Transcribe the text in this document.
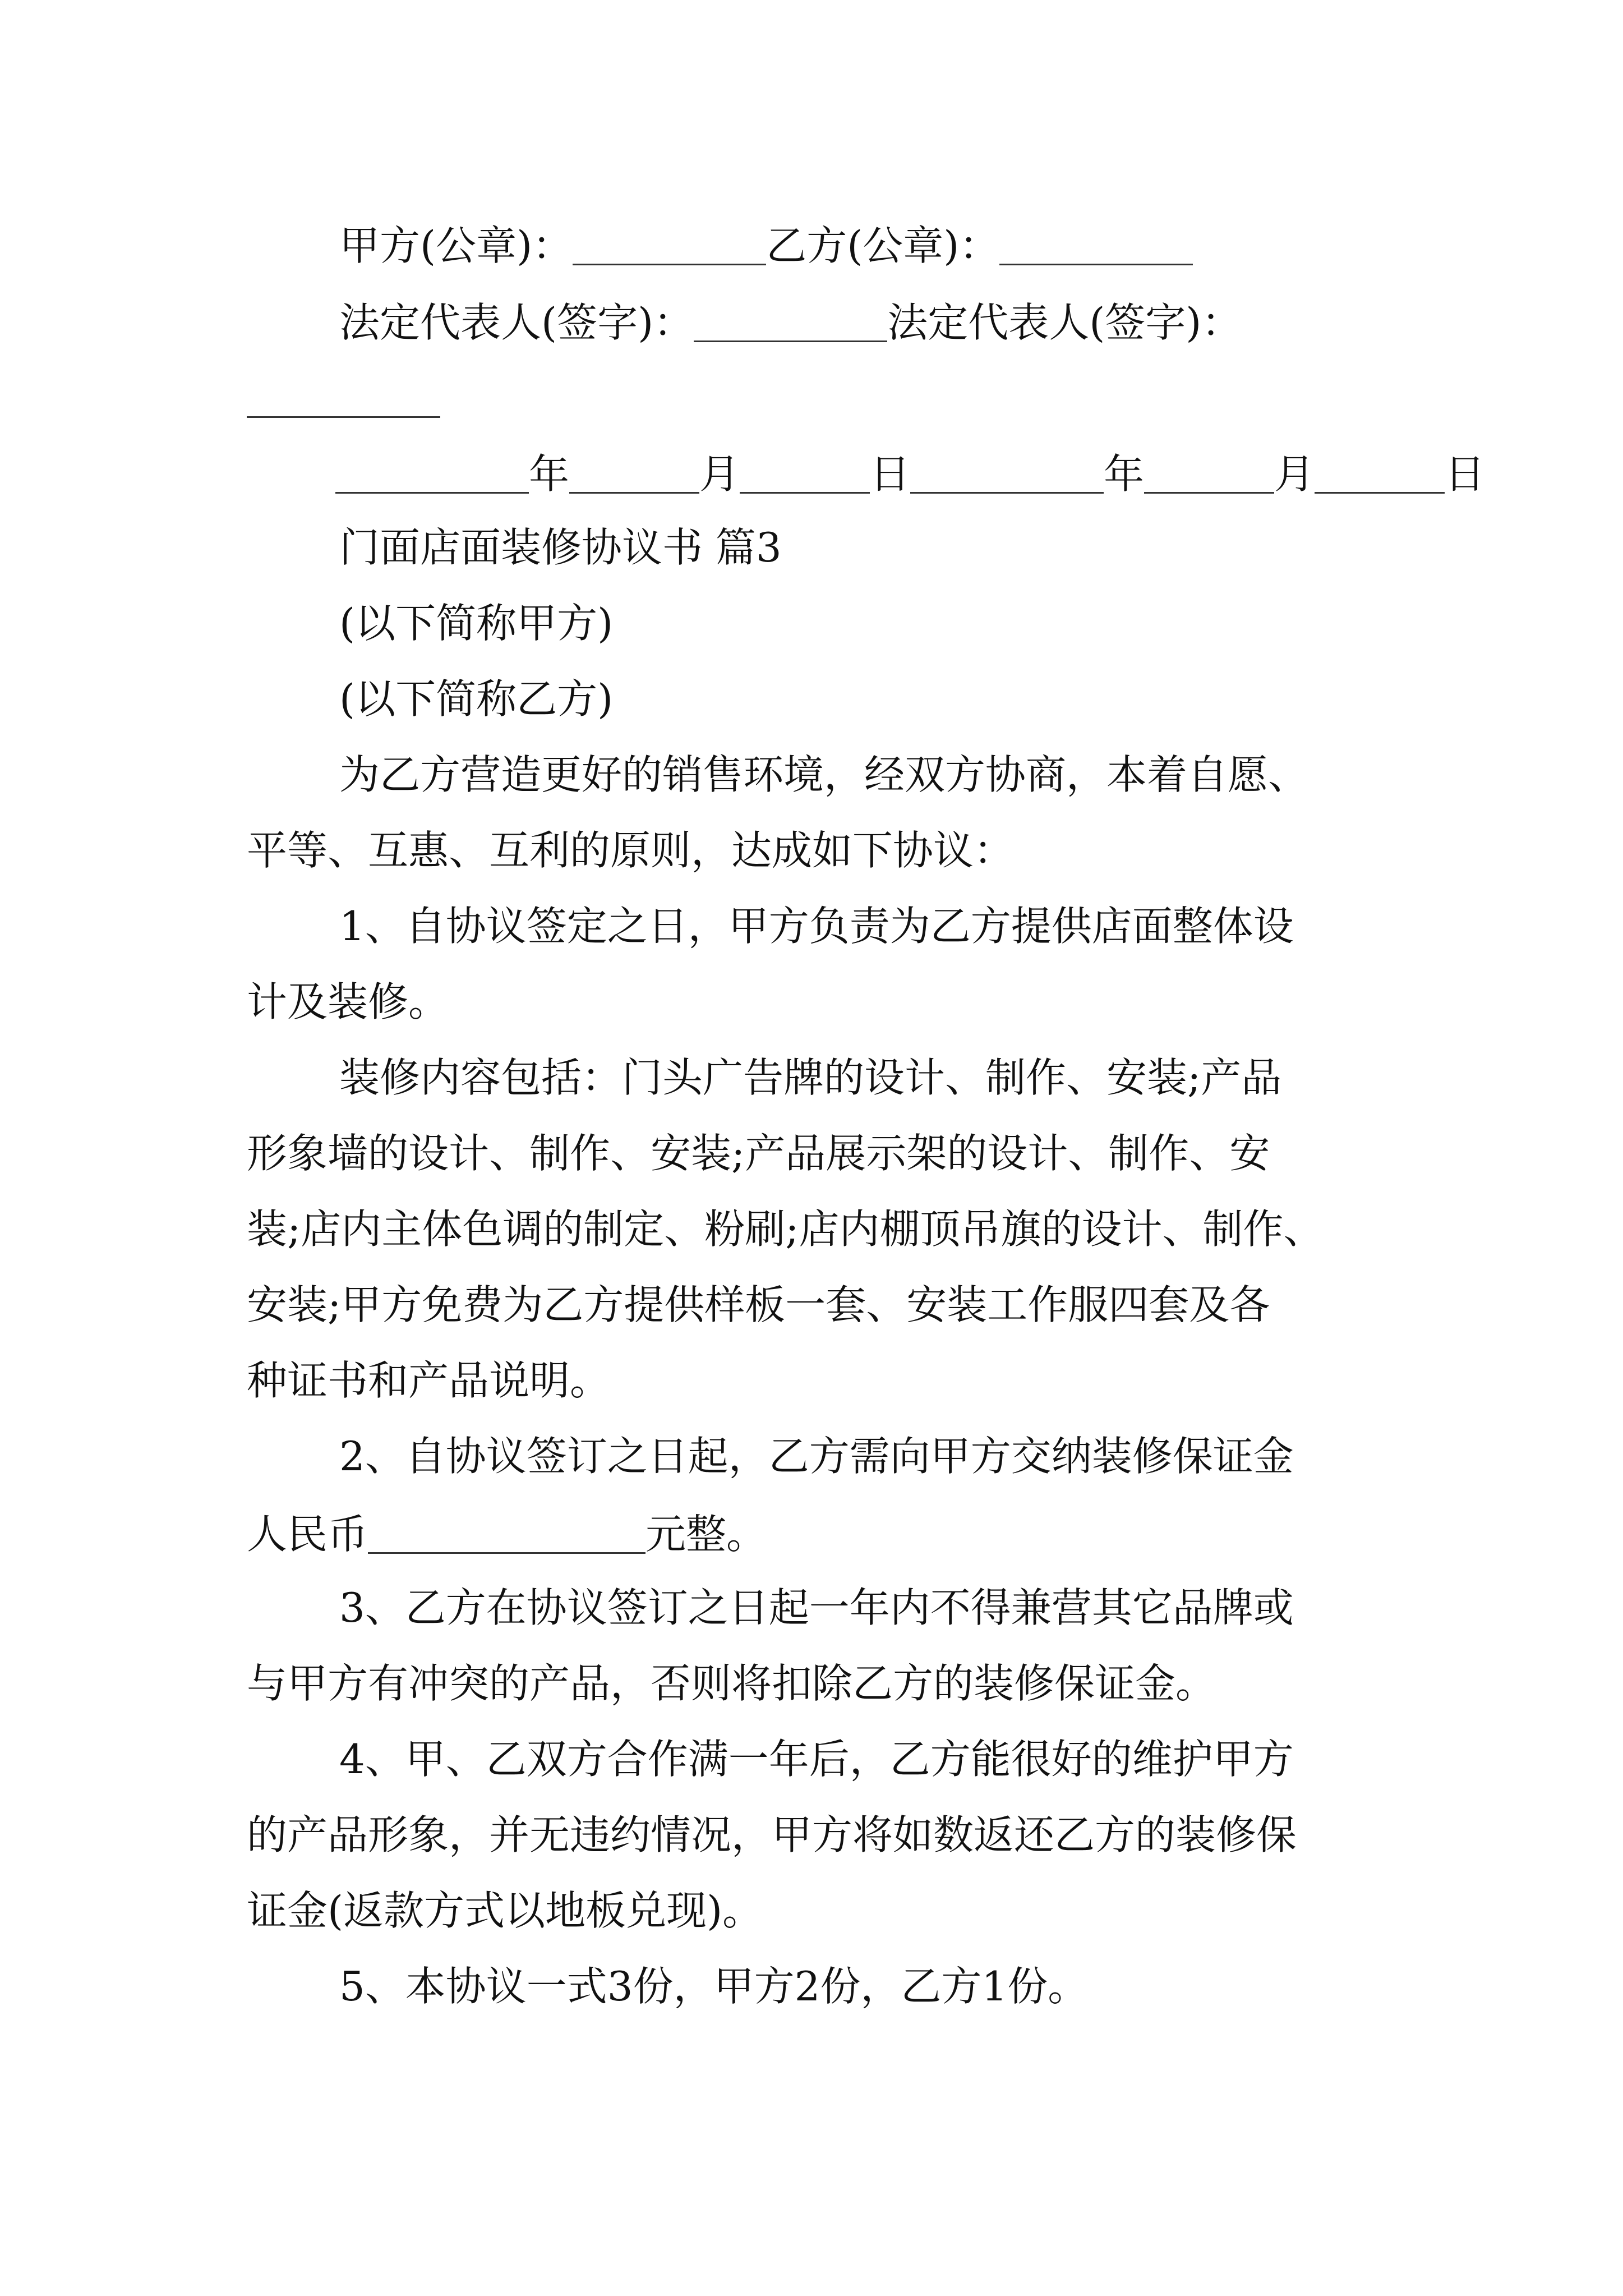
甲方(公章)：	乙方(公章)：
法定代表人(签字)：	法定代表人(签字)：
年	月	日	年	月	日
门面店面装修协议书 篇3
(以下简称甲方)
(以下简称乙方)
为乙方营造更好的销售环境，经双方协商，本着自愿、
平等、互惠、互利的原则，达成如下协议：
1、自协议签定之日，甲方负责为乙方提供店面整体设
计及装修。
装修内容包括：门头广告牌的设计、制作、安装;产品
形象墙的设计、制作、安装;产品展示架的设计、制作、安
装;店内主体色调的制定、粉刷;店内棚顶吊旗的设计、制作、
安装;甲方免费为乙方提供样板一套、安装工作服四套及各
种证书和产品说明。
2、自协议签订之日起，乙方需向甲方交纳装修保证金
人民币	元整。
3、乙方在协议签订之日起一年内不得兼营其它品牌或
与甲方有冲突的产品，否则将扣除乙方的装修保证金。
4、甲、乙双方合作满一年后，乙方能很好的维护甲方
的产品形象，并无违约情况，甲方将如数返还乙方的装修保
证金(返款方式以地板兑现)。
5、本协议一式3份，甲方2份，乙方1份。
